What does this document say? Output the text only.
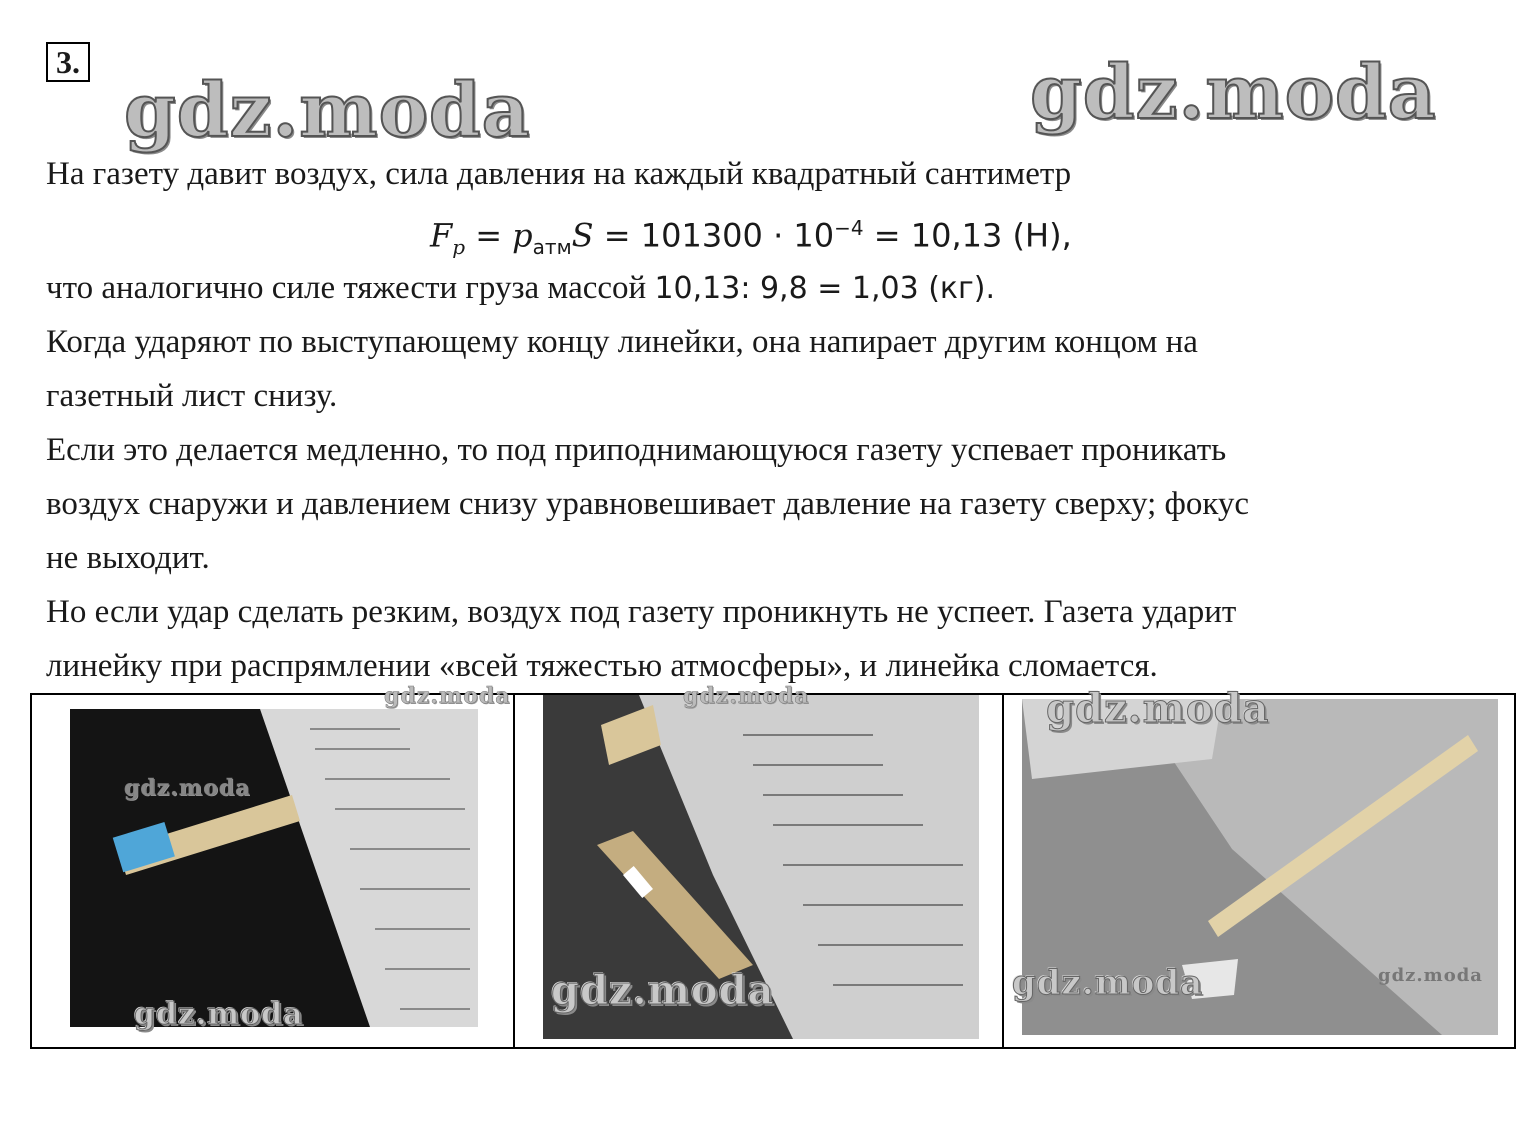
3.
gdz.moda	gdz.moda
На газету давит воздух, сила давления на каждый квадратный сантиметр
$F_p = p_{атм}S = 101300 \cdot 10^{-4} = 10,13$ (Н),
что аналогично силе тяжести груза массой 10,13: 9,8 = 1,03 (кг).
Когда ударяют по выступающему концу линейки, она напирает другим концом на
газетный лист снизу.
Если это делается медленно, то под приподнимающуюся газету успевает проникать
воздух снаружи и давлением снизу уравновешивает давление на газету сверху; фокус
не выходит.
Но если удар сделать резким, воздух под газету проникнуть не успеет. Газета ударит
линейку при распрямлении «всей тяжестью атмосферы», и линейка сломается.
gdz.moda
gdz.moda
gdz.moda
gdz.moda
gdz.moda
gdz.moda
gdz.moda	gdz.moda
